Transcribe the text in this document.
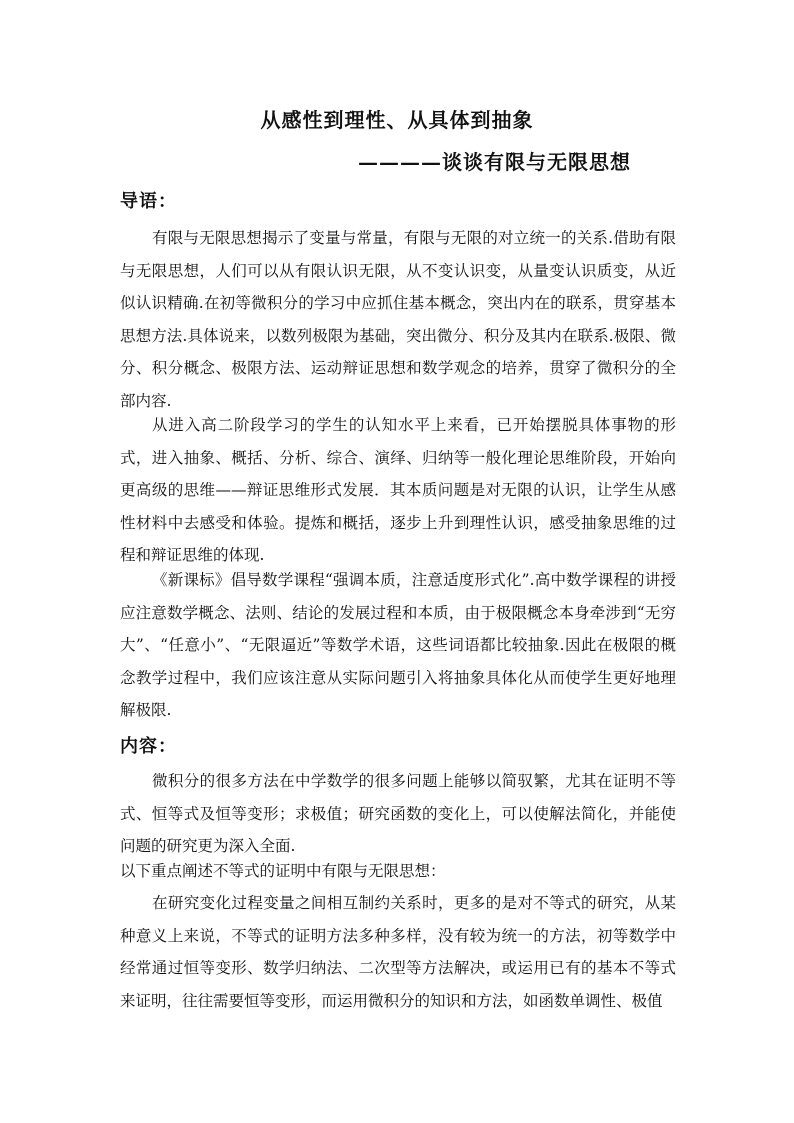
从感性到理性、从具体到抽象
————谈谈有限与无限思想
导语：

有限与无限思想揭示了变量与常量，有限与无限的对立统一的关系.借助有限与无限思想，人们可以从有限认识无限，从不变认识变，从量变认识质变，从近似认识精确.在初等微积分的学习中应抓住基本概念，突出内在的联系，贯穿基本思想方法.具体说来，以数列极限为基础，突出微分、积分及其内在联系.极限、微分、积分概念、极限方法、运动辩证思想和数学观念的培养，贯穿了微积分的全部内容.

从进入高二阶段学习的学生的认知水平上来看，已开始摆脱具体事物的形式，进入抽象、概括、分析、综合、演绎、归纳等一般化理论思维阶段，开始向更高级的思维——辩证思维形式发展．其本质问题是对无限的认识，让学生从感性材料中去感受和体验。提炼和概括，逐步上升到理性认识，感受抽象思维的过程和辩证思维的体现.

《新课标》倡导数学课程“强调本质，注意适度形式化”.高中数学课程的讲授应注意数学概念、法则、结论的发展过程和本质，由于极限概念本身牵涉到“无穷大”、“任意小”、“无限逼近”等数学术语，这些词语都比较抽象.因此在极限的概念教学过程中，我们应该注意从实际问题引入将抽象具体化从而使学生更好地理解极限.

内容：

微积分的很多方法在中学数学的很多问题上能够以简驭繁，尤其在证明不等式、恒等式及恒等变形；求极值；研究函数的变化上，可以使解法简化，并能使问题的研究更为深入全面.

以下重点阐述不等式的证明中有限与无限思想：

在研究变化过程变量之间相互制约关系时，更多的是对不等式的研究，从某种意义上来说，不等式的证明方法多种多样，没有较为统一的方法，初等数学中经常通过恒等变形、数学归纳法、二次型等方法解决，或运用已有的基本不等式来证明，往往需要恒等变形，而运用微积分的知识和方法，如函数单调性、极值
